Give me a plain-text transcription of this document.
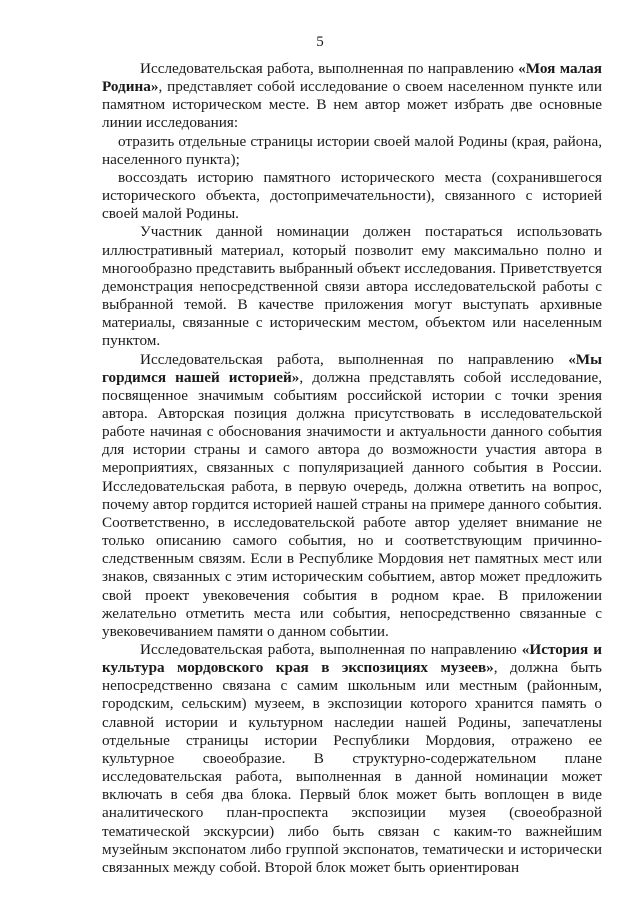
5

Исследовательская работа, выполненная по направлению «Моя малая Родина», представляет собой исследование о своем населенном пункте или памятном историческом месте. В нем автор может избрать две основные линии исследования:

отразить отдельные страницы истории своей малой Родины (края, района, населенного пункта);

воссоздать историю памятного исторического места (сохранившегося исторического объекта, достопримечательности), связанного с историей своей малой Родины.

Участник данной номинации должен постараться использовать иллюстративный материал, который позволит ему максимально полно и многообразно представить выбранный объект исследования. Приветствуется демонстрация непосредственной связи автора исследовательской работы с выбранной темой. В качестве приложения могут выступать архивные материалы, связанные с историческим местом, объектом или населенным пунктом.

Исследовательская работа, выполненная по направлению «Мы гордимся нашей историей», должна представлять собой исследование, посвященное значимым событиям российской истории с точки зрения автора. Авторская позиция должна присутствовать в исследовательской работе начиная с обоснования значимости и актуальности данного события для истории страны и самого автора до возможности участия автора в мероприятиях, связанных с популяризацией данного события в России. Исследовательская работа, в первую очередь, должна ответить на вопрос, почему автор гордится историей нашей страны на примере данного события. Соответственно, в исследовательской работе автор уделяет внимание не только описанию самого события, но и соответствующим причинно-следственным связям. Если в Республике Мордовия нет памятных мест или знаков, связанных с этим историческим событием, автор может предложить свой проект увековечения события в родном крае. В приложении желательно отметить места или события, непосредственно связанные с увековечиванием памяти о данном событии.

Исследовательская работа, выполненная по направлению «История и культура мордовского края в экспозициях музеев», должна быть непосредственно связана с самим школьным или местным (районным, городским, сельским) музеем, в экспозиции которого хранится память о славной истории и культурном наследии нашей Родины, запечатлены отдельные страницы истории Республики Мордовия, отражено ее культурное своеобразие. В структурно-содержательном плане исследовательская работа, выполненная в данной номинации может включать в себя два блока. Первый блок может быть воплощен в виде аналитического план-проспекта экспозиции музея (своеобразной тематической экскурсии) либо быть связан с каким-то важнейшим музейным экспонатом либо группой экспонатов, тематически и исторически связанных между собой. Второй блок может быть ориентирован
